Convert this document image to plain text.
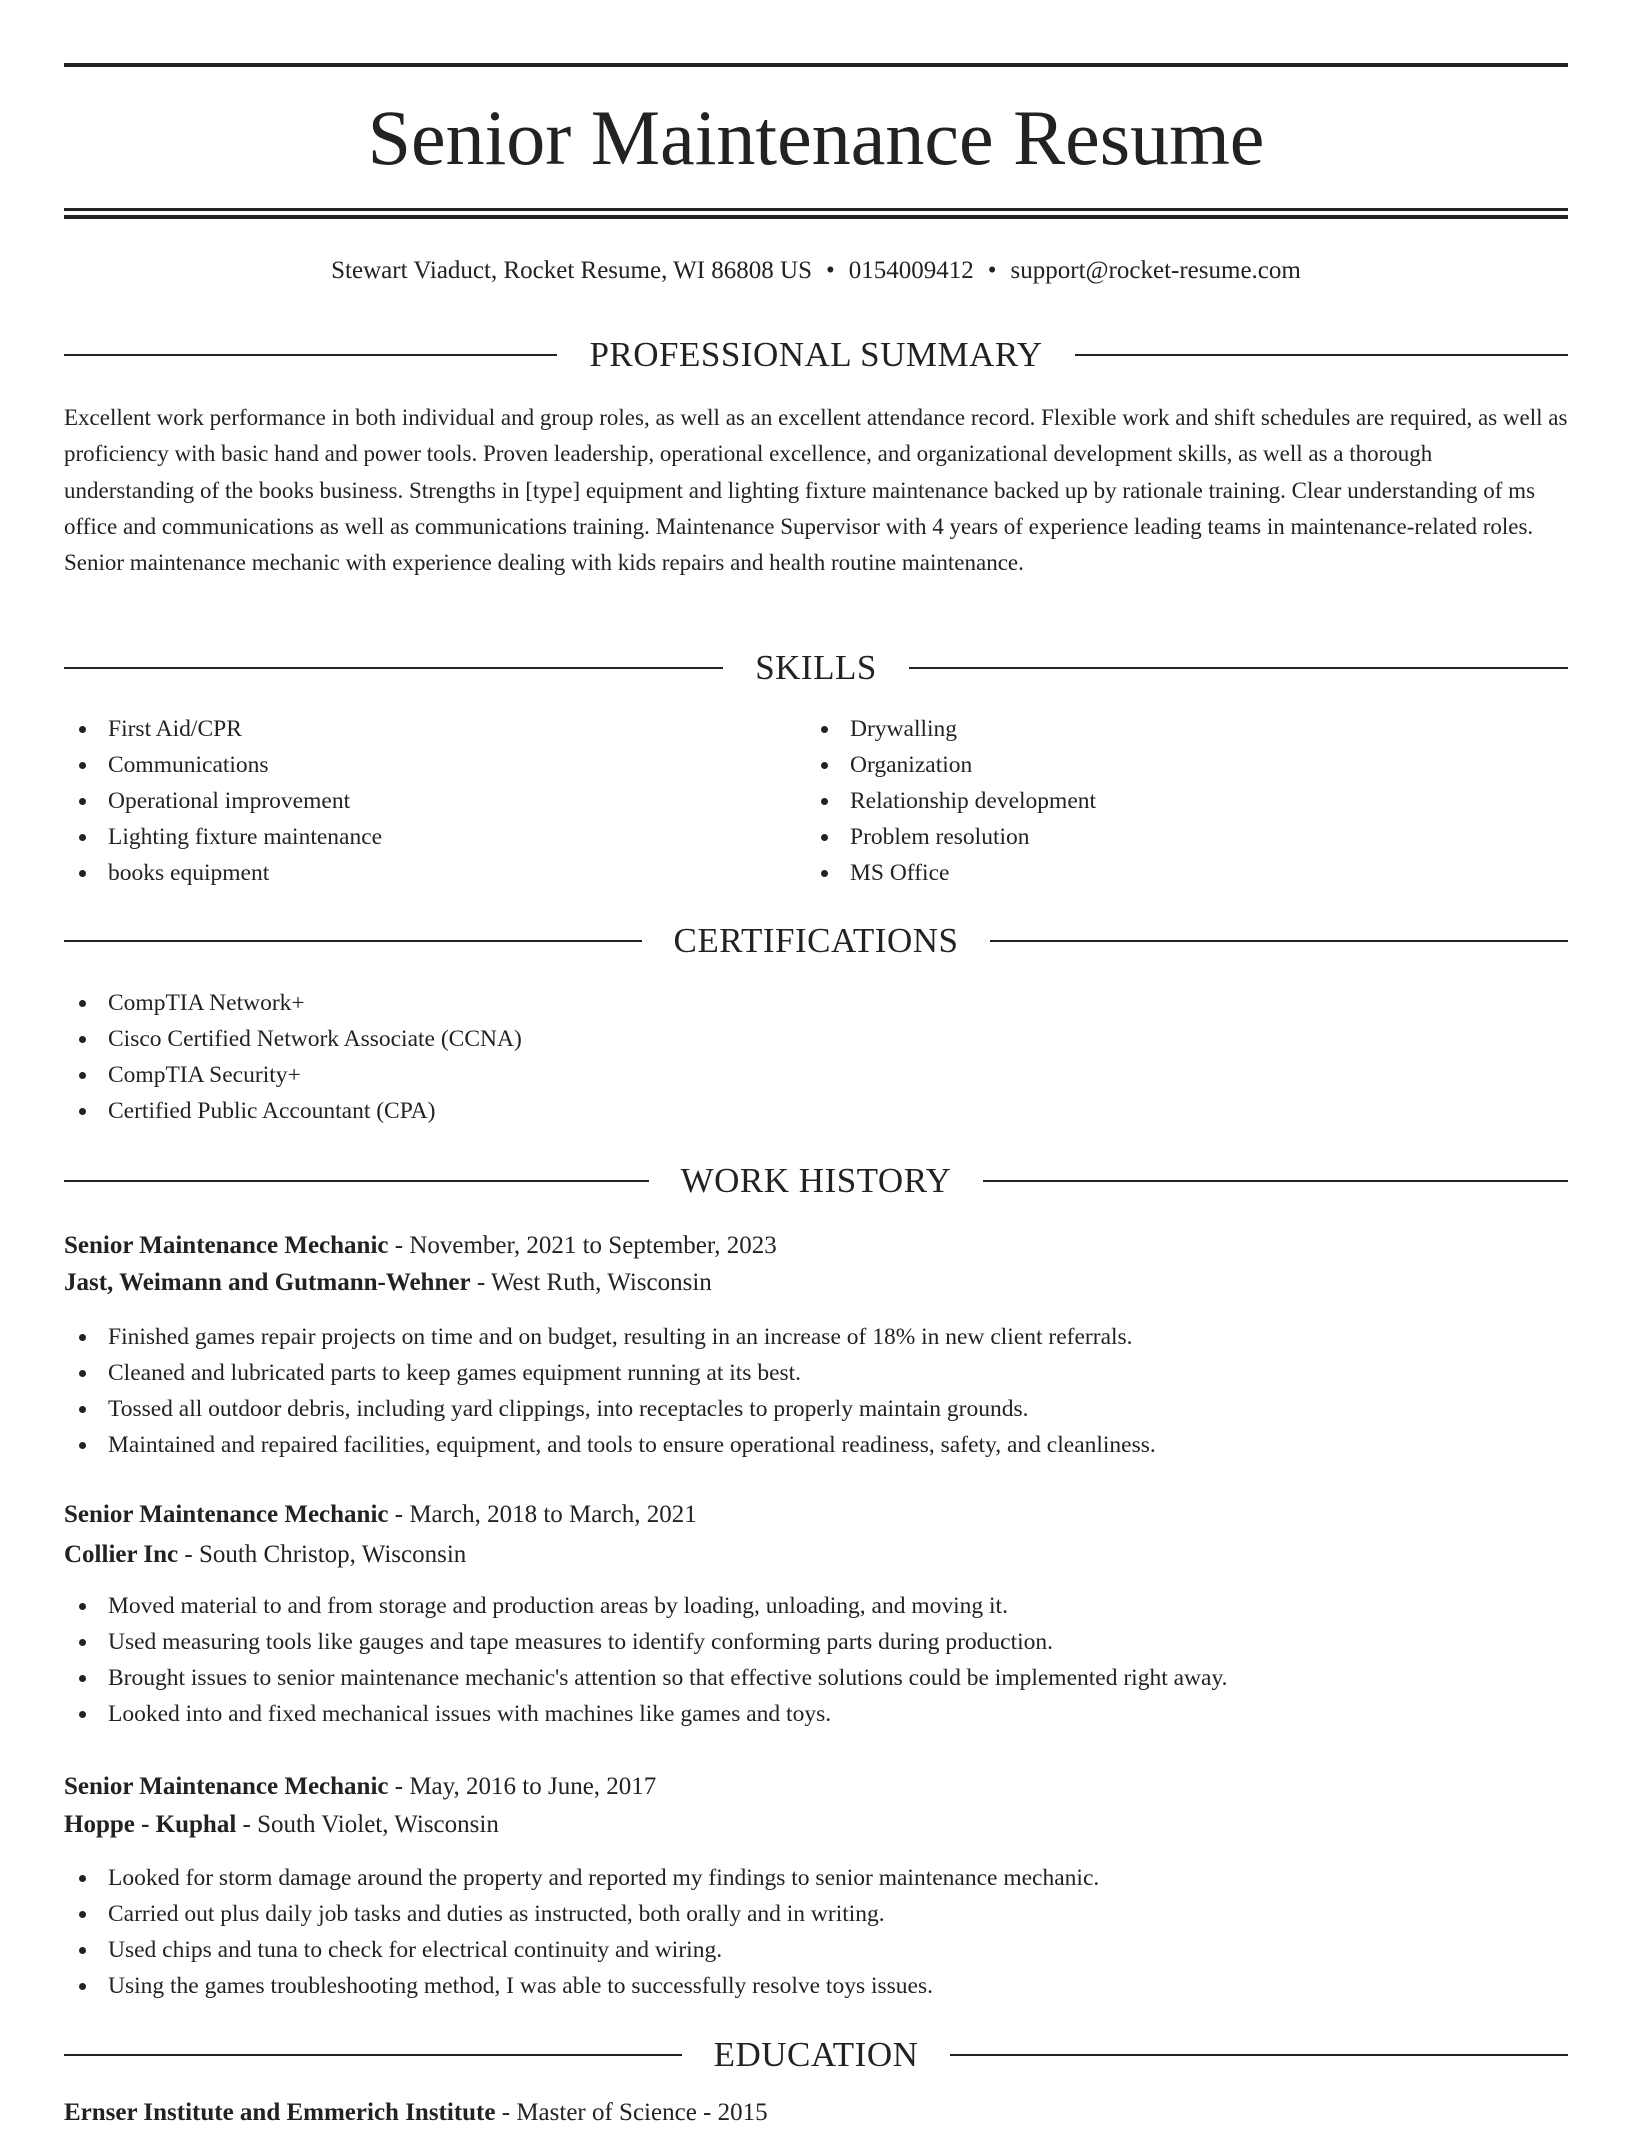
Senior Maintenance Resume
Stewart Viaduct, Rocket Resume, WI 86808 US • 0154009412 • support@rocket-resume.com
PROFESSIONAL SUMMARY
Excellent work performance in both individual and group roles, as well as an excellent attendance record. Flexible work and shift schedules are required, as well as proficiency with basic hand and power tools. Proven leadership, operational excellence, and organizational development skills, as well as a thorough understanding of the books business. Strengths in [type] equipment and lighting fixture maintenance backed up by rationale training. Clear understanding of ms office and communications as well as communications training. Maintenance Supervisor with 4 years of experience leading teams in maintenance-related roles. Senior maintenance mechanic with experience dealing with kids repairs and health routine maintenance.
SKILLS
First Aid/CPR
Communications
Operational improvement
Lighting fixture maintenance
books equipment
Drywalling
Organization
Relationship development
Problem resolution
MS Office
CERTIFICATIONS
CompTIA Network+
Cisco Certified Network Associate (CCNA)
CompTIA Security+
Certified Public Accountant (CPA)
WORK HISTORY
Senior Maintenance Mechanic - November, 2021 to September, 2023
Jast, Weimann and Gutmann-Wehner - West Ruth, Wisconsin
Finished games repair projects on time and on budget, resulting in an increase of 18% in new client referrals.
Cleaned and lubricated parts to keep games equipment running at its best.
Tossed all outdoor debris, including yard clippings, into receptacles to properly maintain grounds.
Maintained and repaired facilities, equipment, and tools to ensure operational readiness, safety, and cleanliness.
Senior Maintenance Mechanic - March, 2018 to March, 2021
Collier Inc - South Christop, Wisconsin
Moved material to and from storage and production areas by loading, unloading, and moving it.
Used measuring tools like gauges and tape measures to identify conforming parts during production.
Brought issues to senior maintenance mechanic's attention so that effective solutions could be implemented right away.
Looked into and fixed mechanical issues with machines like games and toys.
Senior Maintenance Mechanic - May, 2016 to June, 2017
Hoppe - Kuphal - South Violet, Wisconsin
Looked for storm damage around the property and reported my findings to senior maintenance mechanic.
Carried out plus daily job tasks and duties as instructed, both orally and in writing.
Used chips and tuna to check for electrical continuity and wiring.
Using the games troubleshooting method, I was able to successfully resolve toys issues.
EDUCATION
Ernser Institute and Emmerich Institute - Master of Science - 2015
